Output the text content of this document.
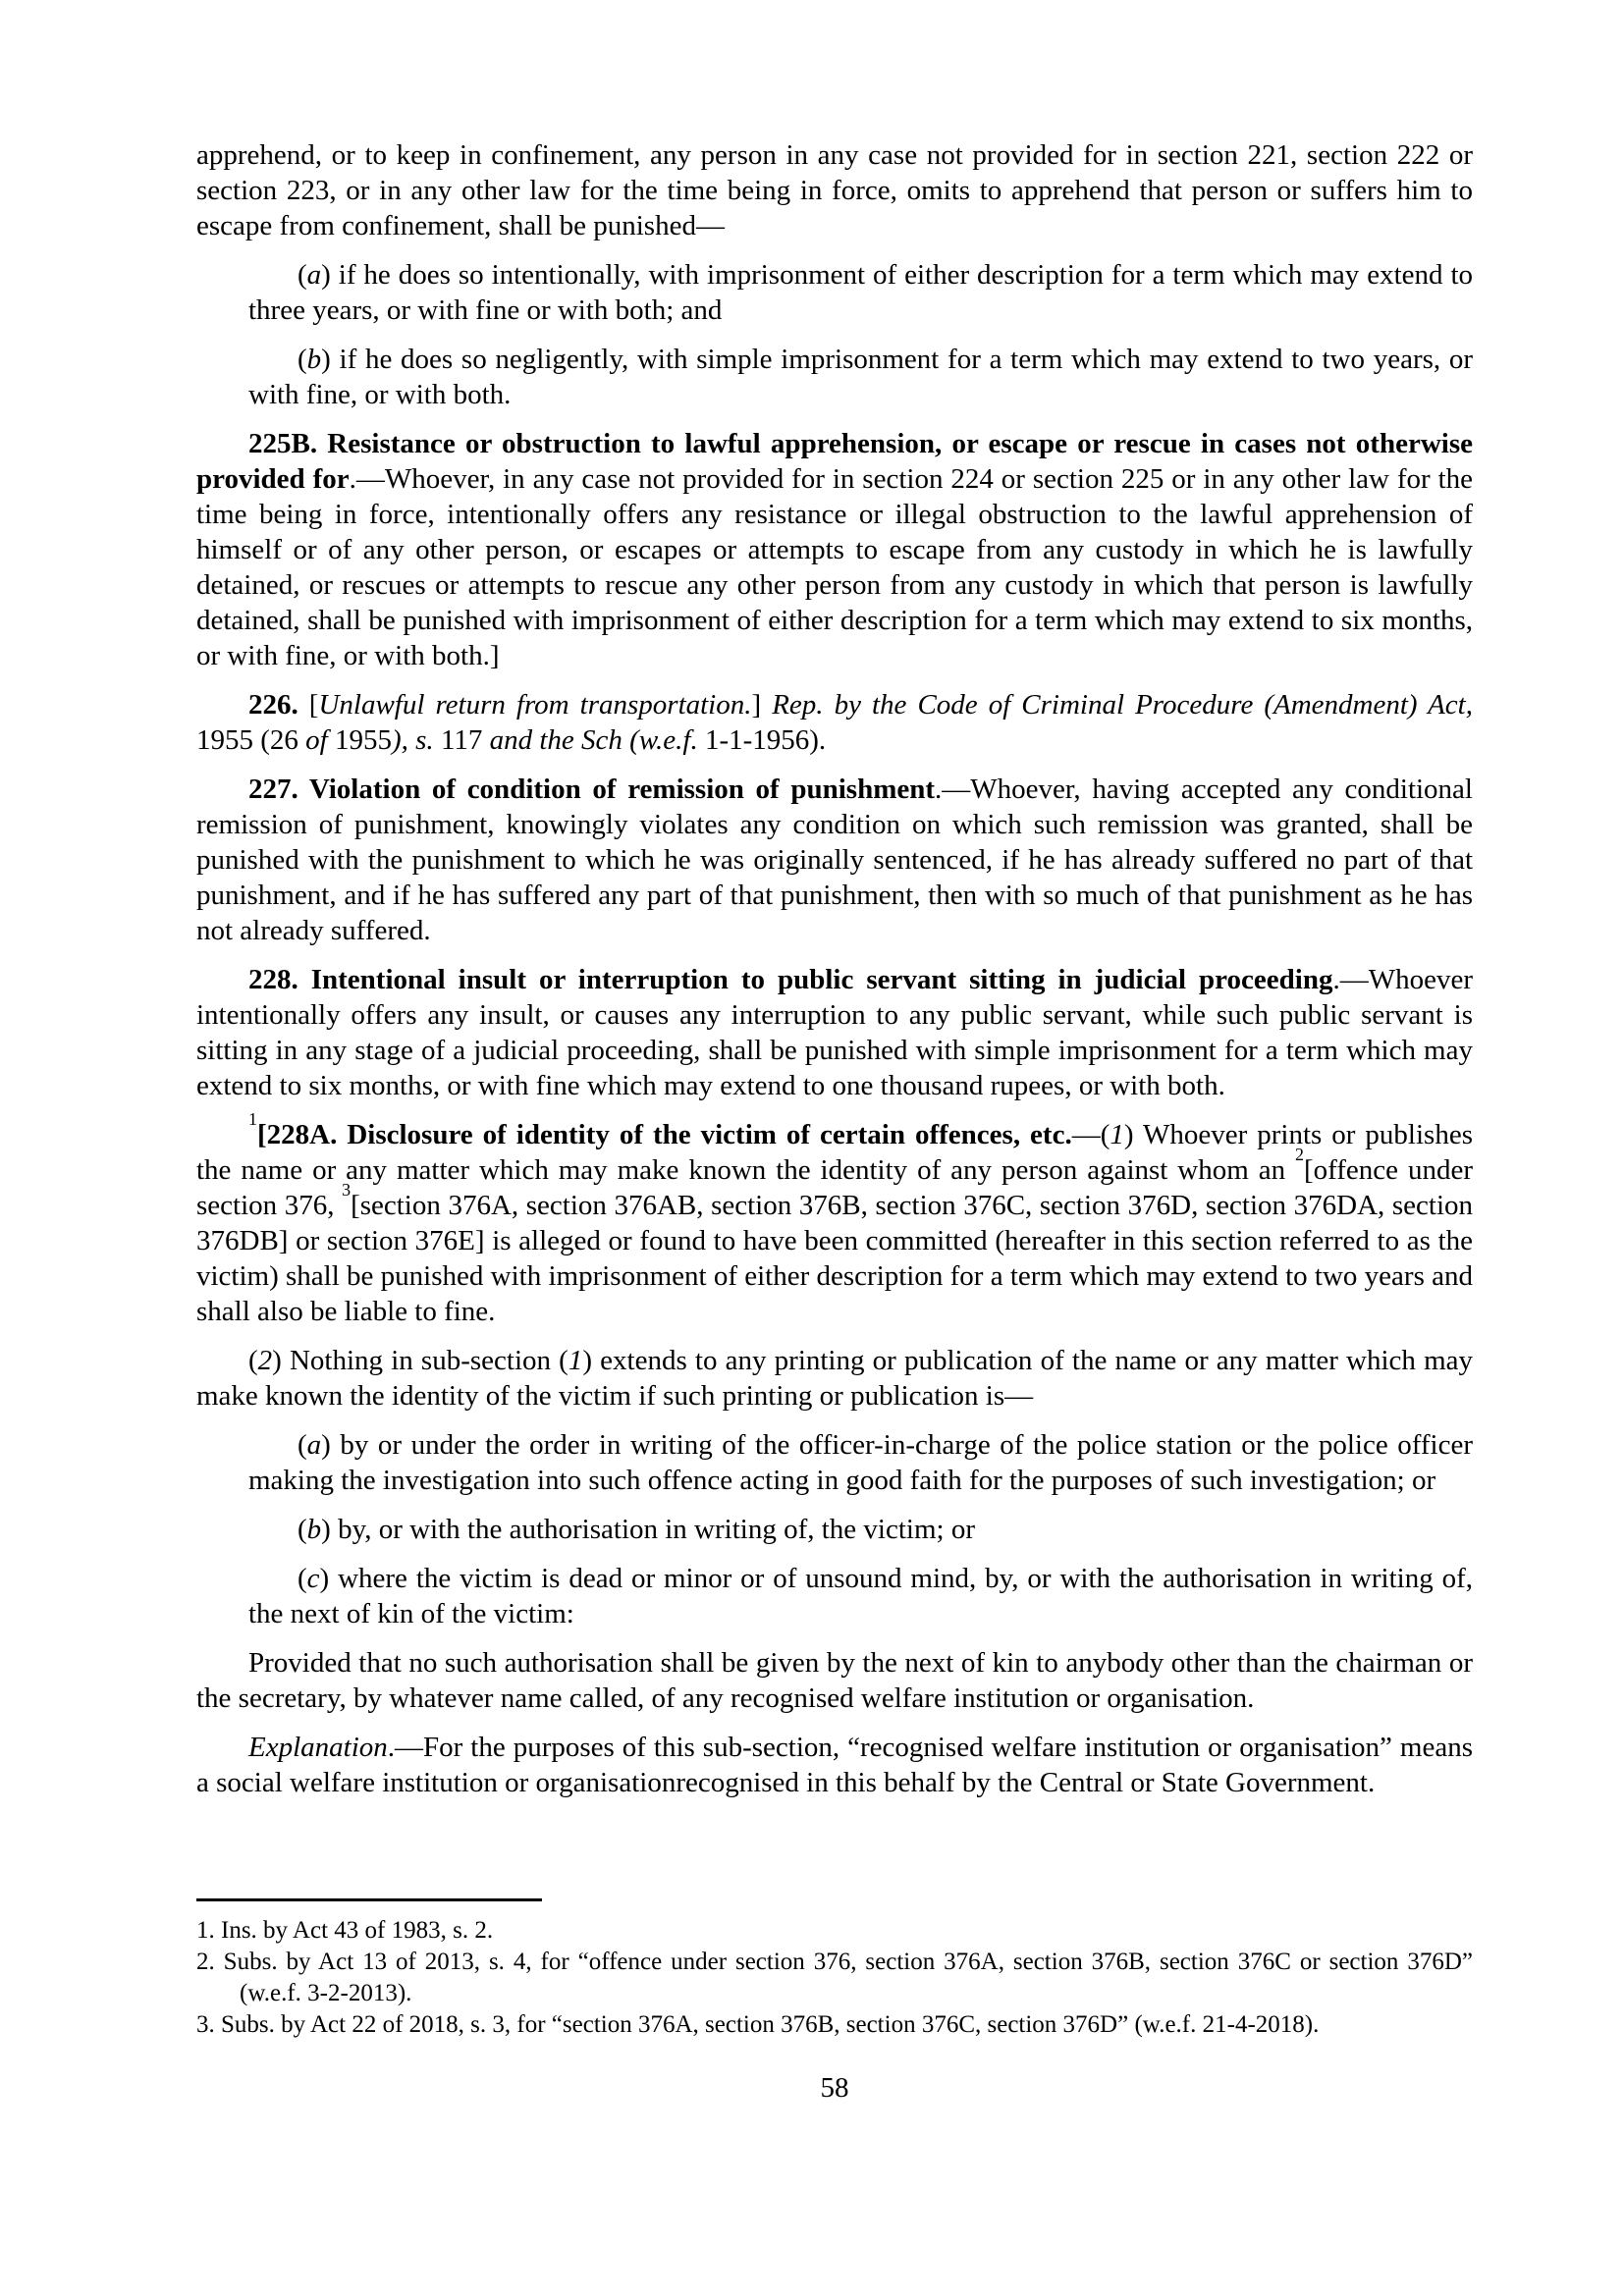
apprehend, or to keep in confinement, any person in any case not provided for in section 221, section 222 or section 223, or in any other law for the time being in force, omits to apprehend that person or suffers him to escape from confinement, shall be punished—

(a) if he does so intentionally, with imprisonment of either description for a term which may extend to three years, or with fine or with both; and

(b) if he does so negligently, with simple imprisonment for a term which may extend to two years, or with fine, or with both.

225B. Resistance or obstruction to lawful apprehension, or escape or rescue in cases not otherwise provided for.—Whoever, in any case not provided for in section 224 or section 225 or in any other law for the time being in force, intentionally offers any resistance or illegal obstruction to the lawful apprehension of himself or of any other person, or escapes or attempts to escape from any custody in which he is lawfully detained, or rescues or attempts to rescue any other person from any custody in which that person is lawfully detained, shall be punished with imprisonment of either description for a term which may extend to six months, or with fine, or with both.]

226. [Unlawful return from transportation.] Rep. by the Code of Criminal Procedure (Amendment) Act, 1955 (26 of 1955), s. 117 and the Sch (w.e.f. 1-1-1956).

227. Violation of condition of remission of punishment.—Whoever, having accepted any conditional remission of punishment, knowingly violates any condition on which such remission was granted, shall be punished with the punishment to which he was originally sentenced, if he has already suffered no part of that punishment, and if he has suffered any part of that punishment, then with so much of that punishment as he has not already suffered.

228. Intentional insult or interruption to public servant sitting in judicial proceeding.—Whoever intentionally offers any insult, or causes any interruption to any public servant, while such public servant is sitting in any stage of a judicial proceeding, shall be punished with simple imprisonment for a term which may extend to six months, or with fine which may extend to one thousand rupees, or with both.

$^1$[228A. Disclosure of identity of the victim of certain offences, etc.—(1) Whoever prints or publishes the name or any matter which may make known the identity of any person against whom an $^2$[offence under section 376, $^3$[section 376A, section 376AB, section 376B, section 376C, section 376D, section 376DA, section 376DB] or section 376E] is alleged or found to have been committed (hereafter in this section referred to as the victim) shall be punished with imprisonment of either description for a term which may extend to two years and shall also be liable to fine.

(2) Nothing in sub-section (1) extends to any printing or publication of the name or any matter which may make known the identity of the victim if such printing or publication is—

(a) by or under the order in writing of the officer-in-charge of the police station or the police officer making the investigation into such offence acting in good faith for the purposes of such investigation; or

(b) by, or with the authorisation in writing of, the victim; or

(c) where the victim is dead or minor or of unsound mind, by, or with the authorisation in writing of, the next of kin of the victim:

Provided that no such authorisation shall be given by the next of kin to anybody other than the chairman or the secretary, by whatever name called, of any recognised welfare institution or organisation.

Explanation.—For the purposes of this sub-section, “recognised welfare institution or organisation” means a social welfare institution or organisationrecognised in this behalf by the Central or State Government.

1. Ins. by Act 43 of 1983, s. 2.

2. Subs. by Act 13 of 2013, s. 4, for “offence under section 376, section 376A, section 376B, section 376C or section 376D” (w.e.f. 3-2-2013).

3. Subs. by Act 22 of 2018, s. 3, for “section 376A, section 376B, section 376C, section 376D” (w.e.f. 21-4-2018).

58
